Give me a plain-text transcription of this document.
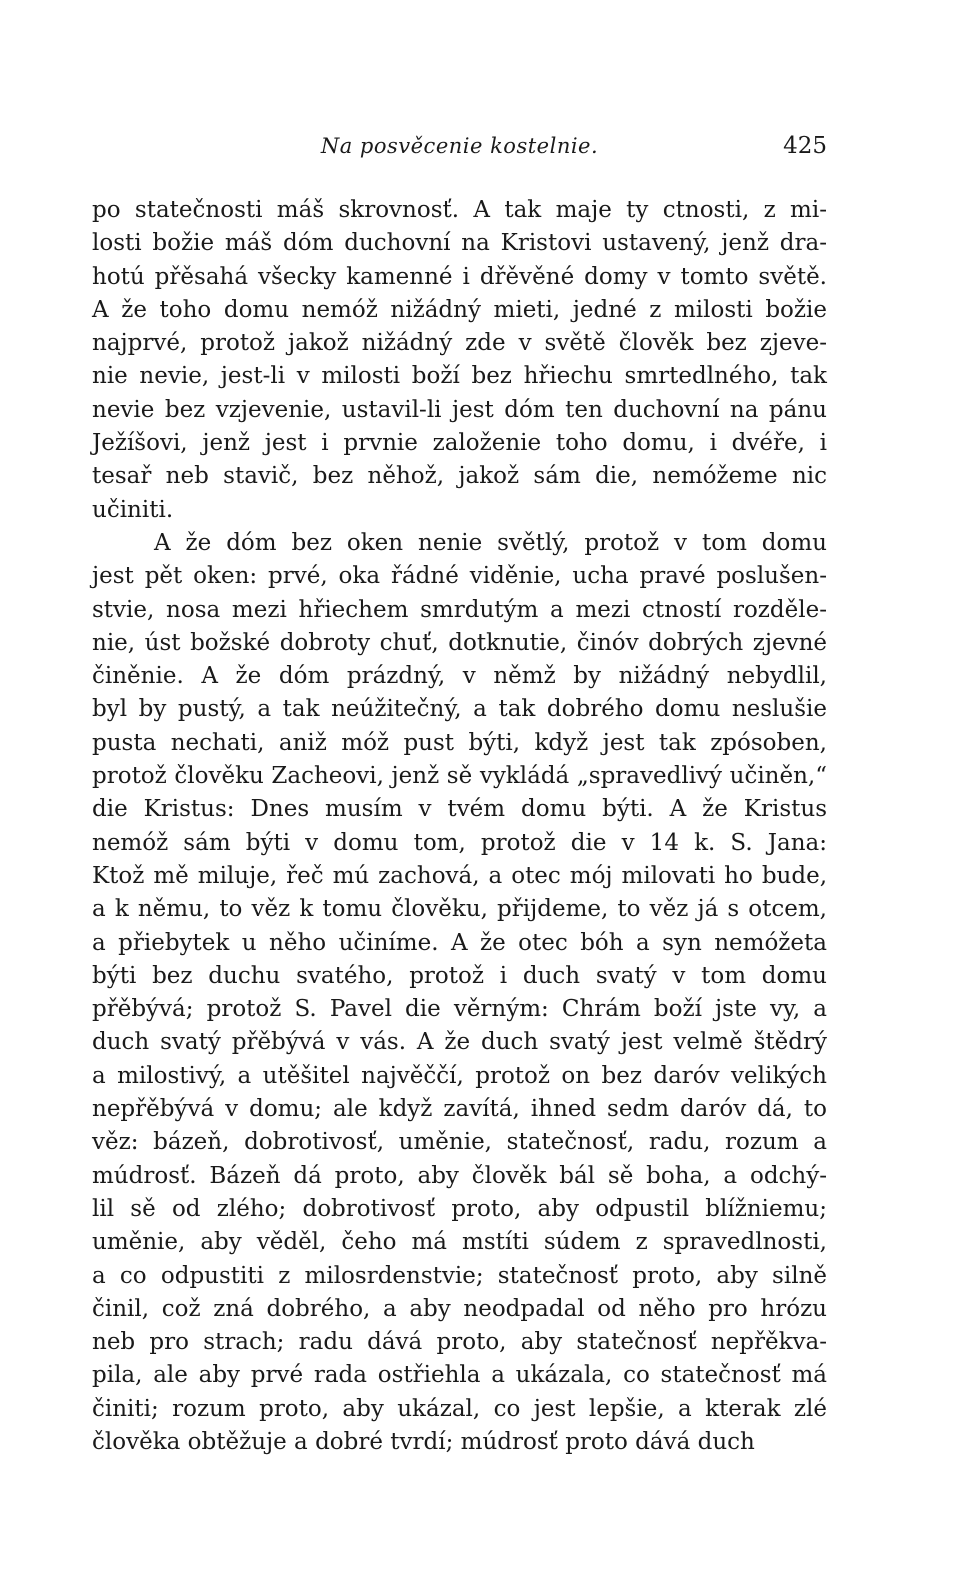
Na posvěcenie kostelnie.	425
po statečnosti máš skrovnosť. A tak maje ty ctnosti, z mi-
losti božie máš dóm duchovní na Kristovi ustavený, jenž dra-
hotú přěsahá všecky kamenné i dřěvěné domy v tomto světě.
A že toho domu nemóž nižádný mieti, jedné z milosti božie
najprvé, protož jakož nižádný zde v světě člověk bez zjeve-
nie nevie, jest-li v milosti boží bez hřiechu smrtedlného, tak
nevie bez vzjevenie, ustavil-li jest dóm ten duchovní na pánu
Ježíšovi, jenž jest i prvnie založenie toho domu, i dvéře, i
tesař neb stavič, bez něhož, jakož sám die, nemóžeme nic
učiniti.
A že dóm bez oken nenie světlý, protož v tom domu
jest pět oken: prvé, oka řádné viděnie, ucha pravé poslušen-
stvie, nosa mezi hřiechem smrdutým a mezi ctností rozděle-
nie, úst božské dobroty chuť, dotknutie, činóv dobrých zjevné
činěnie. A že dóm prázdný, v němž by nižádný nebydlil,
byl by pustý, a tak neúžitečný, a tak dobrého domu neslušie
pusta nechati, aniž móž pust býti, když jest tak zpósoben,
protož člověku Zacheovi, jenž sě vykládá „spravedlivý učiněn,“
die Kristus: Dnes musím v tvém domu býti. A že Kristus
nemóž sám býti v domu tom, protož die v 14 k. S. Jana:
Ktož mě miluje, řeč mú zachová, a otec mój milovati ho bude,
a k němu, to věz k tomu člověku, přijdeme, to věz já s otcem,
a přiebytek u něho učiníme. A že otec bóh a syn nemóžeta
býti bez duchu svatého, protož i duch svatý v tom domu
přěbývá; protož S. Pavel die věrným: Chrám boží jste vy, a
duch svatý přěbývá v vás. A že duch svatý jest velmě štědrý
a milostivý, a utěšitel najvěččí, protož on bez daróv velikých
nepřěbývá v domu; ale když zavítá, ihned sedm daróv dá, to
věz: bázeň, dobrotivosť, uměnie, statečnosť, radu, rozum a
múdrosť. Bázeň dá proto, aby člověk bál sě boha, a odchý-
lil sě od zlého; dobrotivosť proto, aby odpustil blížniemu;
uměnie, aby věděl, čeho má mstíti súdem z spravedlnosti,
a co odpustiti z milosrdenstvie; statečnosť proto, aby silně
činil, což zná dobrého, a aby neodpadal od něho pro hrózu
neb pro strach; radu dává proto, aby statečnosť nepřěkva-
pila, ale aby prvé rada ostřiehla a ukázala, co statečnosť má
činiti; rozum proto, aby ukázal, co jest lepšie, a kterak zlé
člověka obtěžuje a dobré tvrdí; múdrosť proto dává duch
